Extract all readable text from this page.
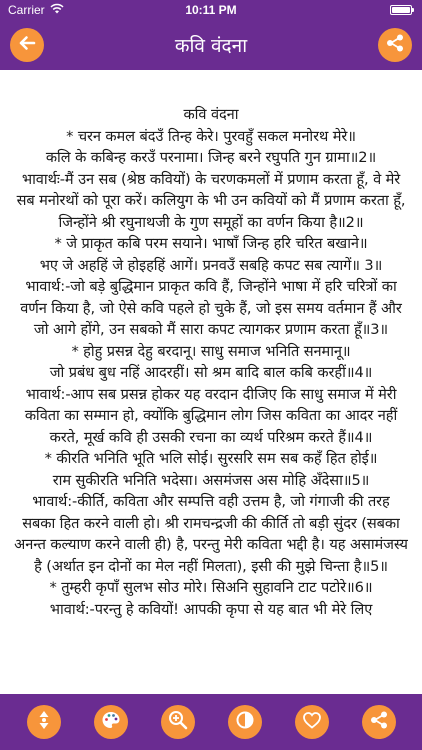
Carrier	10:11 PM
कवि वंदना

कवि वंदना

* चरन कमल बंदउँ तिन्ह केरे। पुरवहुँ सकल मनोरथ मेरे॥

कलि के कबिन्ह करउँ परनामा। जिन्ह बरने रघुपति गुन ग्रामा॥2॥

भावार्थः-मैं उन सब (श्रेष्ठ कवियों) के चरणकमलों में प्रणाम करता हूँ, वे मेरे सब मनोरथों को पूरा करें। कलियुग के भी उन कवियों को मैं प्रणाम करता हूँ, जिन्होंने श्री रघुनाथजी के गुण समूहों का वर्णन किया है॥2॥

* जे प्राकृत कबि परम सयाने। भाषाँ जिन्ह हरि चरित बखाने॥

भए जे अहहिं जे होइहहिं आगें। प्रनवउँ सबहि कपट सब त्यागें॥ 3॥

भावार्थ:-जो बड़े बुद्धिमान प्राकृत कवि हैं, जिन्होंने भाषा में हरि चरित्रों का वर्णन किया है, जो ऐसे कवि पहले हो चुके हैं, जो इस समय वर्तमान हैं और जो आगे होंगे, उन सबको मैं सारा कपट त्यागकर प्रणाम करता हूँ॥3॥

* होहु प्रसन्न देहु बरदानू। साधु समाज भनिति सनमानू॥

जो प्रबंध बुध नहिं आदरहीं। सो श्रम बादि बाल कबि करहीं॥4॥

भावार्थ:-आप सब प्रसन्न होकर यह वरदान दीजिए कि साधु समाज में मेरी कविता का सम्मान हो, क्योंकि बुद्धिमान लोग जिस कविता का आदर नहीं करते, मूर्ख कवि ही उसकी रचना का व्यर्थ परिश्रम करते हैं॥4॥

* कीरति भनिति भूति भलि सोई। सुरसरि सम सब कहँ हित होई॥

राम सुकीरति भनिति भदेसा। असमंजस अस मोहि अँदेसा॥5॥

भावार्थ:-कीर्ति, कविता और सम्पत्ति वही उत्तम है, जो गंगाजी की तरह सबका हित करने वाली हो। श्री रामचन्द्रजी की कीर्ति तो बड़ी सुंदर (सबका अनन्त कल्याण करने वाली ही) है, परन्तु मेरी कविता भद्दी है। यह असामंजस्य है (अर्थात इन दोनों का मेल नहीं मिलता), इसी की मुझे चिन्ता है॥5॥

* तुम्हरी कृपाँ सुलभ सोउ मोरे। सिअनि सुहावनि टाट पटोरे॥6॥

भावार्थ:-परन्तु हे कवियों! आपकी कृपा से यह बात भी मेरे लिए
